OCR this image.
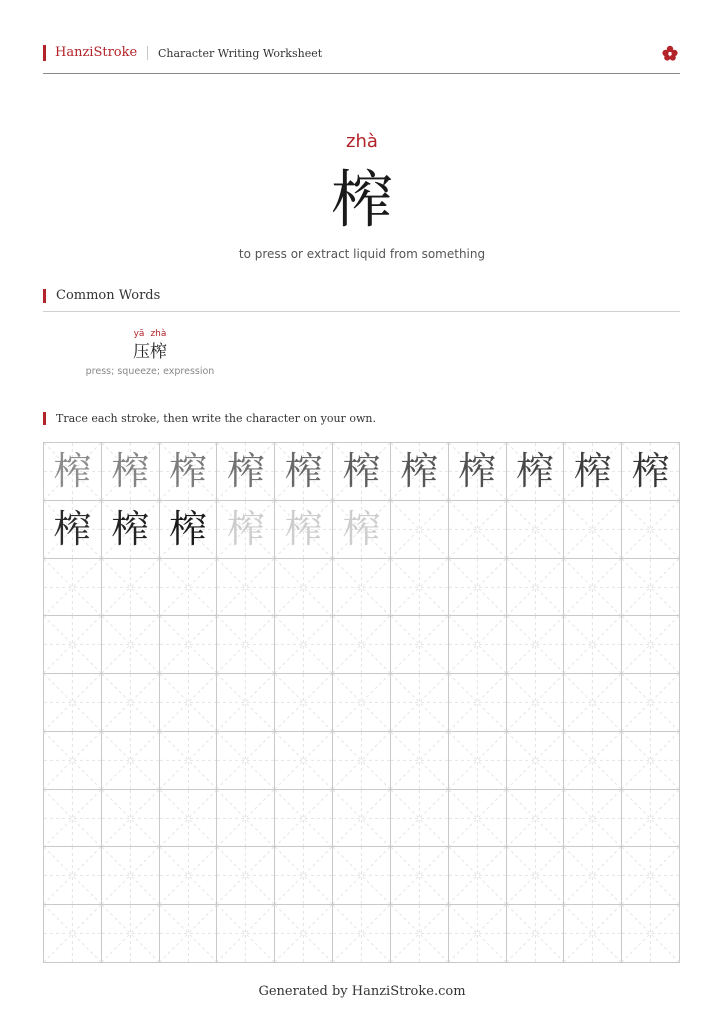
HanziStroke Character Writing Worksheet
zhà
榨
to press or extract liquid from something
Common Words
yā zhà
压榨
press; squeeze; expression
Trace each stroke, then write the character on your own.
榨 榨 榨 榨 榨 榨 榨 榨 榨 榨 榨
榨 榨 榨 榨 榨 榨
Generated by HanziStroke.com
